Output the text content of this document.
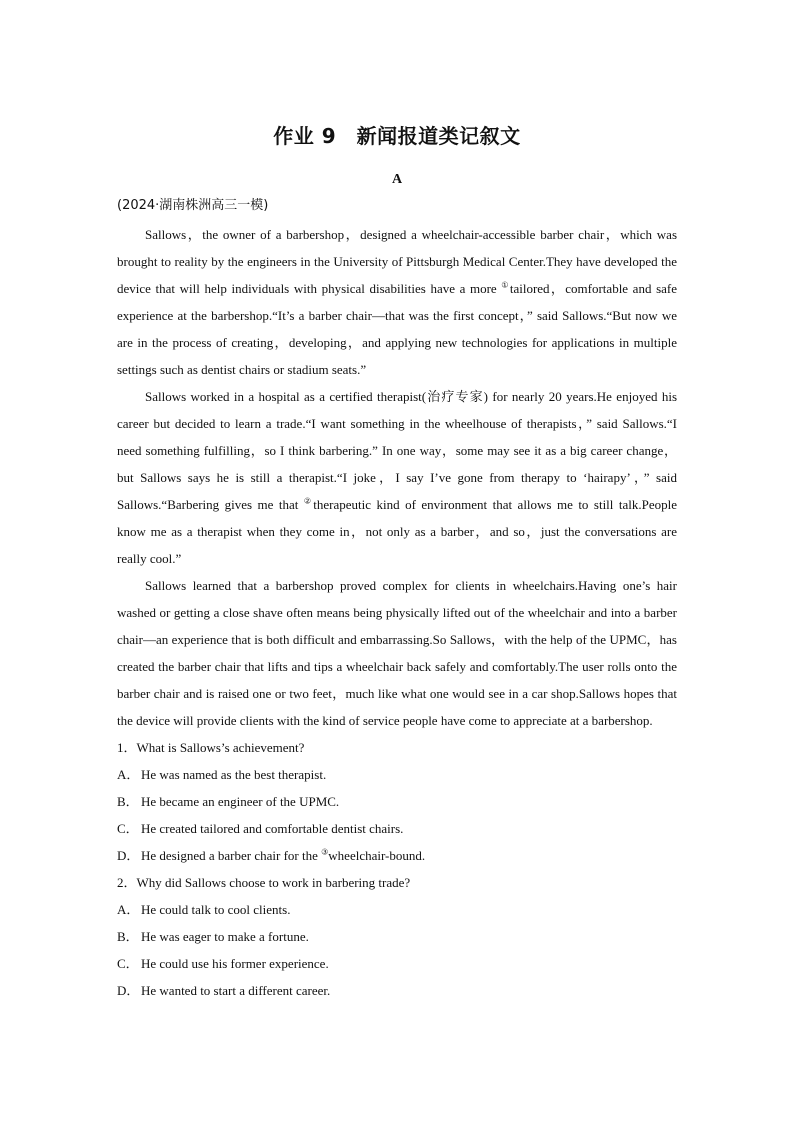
作业 9　新闻报道类记叙文

A

(2024·湖南株洲高三一模)

Sallows，the owner of a barbershop，designed a wheelchair-accessible barber chair，which was brought to reality by the engineers in the University of Pittsburgh Medical Center.They have developed the device that will help individuals with physical disabilities have a more ①tailored，comfortable and safe experience at the barbershop.“It’s a barber chair—that was the first concept，” said Sallows.“But now we are in the process of creating，developing，and applying new technologies for applications in multiple settings such as dentist chairs or stadium seats.”

Sallows worked in a hospital as a certified therapist(治疗专家) for nearly 20 years.He enjoyed his career but decided to learn a trade.“I want something in the wheelhouse of therapists，” said Sallows.“I need something fulfilling，so I think barbering.” In one way，some may see it as a big career change，but Sallows says he is still a therapist.“I joke，I say I’ve gone from therapy to ‘hairapy’，” said Sallows.“Barbering gives me that ②therapeutic kind of environment that allows me to still talk.People know me as a therapist when they come in，not only as a barber，and so，just the conversations are really cool.”

Sallows learned that a barbershop proved complex for clients in wheelchairs.Having one’s hair washed or getting a close shave often means being physically lifted out of the wheelchair and into a barber chair—an experience that is both difficult and embarrassing.So Sallows，with the help of the UPMC，has created the barber chair that lifts and tips a wheelchair back safely and comfortably.The user rolls onto the barber chair and is raised one or two feet，much like what one would see in a car shop.Sallows hopes that the device will provide clients with the kind of service people have come to appreciate at a barbershop.

1．What is Sallows’s achievement?

A． He was named as the best therapist.

B． He became an engineer of the UPMC.

C． He created tailored and comfortable dentist chairs.

D． He designed a barber chair for the ③wheelchair-bound.

2．Why did Sallows choose to work in barbering trade?

A． He could talk to cool clients.

B． He was eager to make a fortune.

C． He could use his former experience.

D． He wanted to start a different career.
